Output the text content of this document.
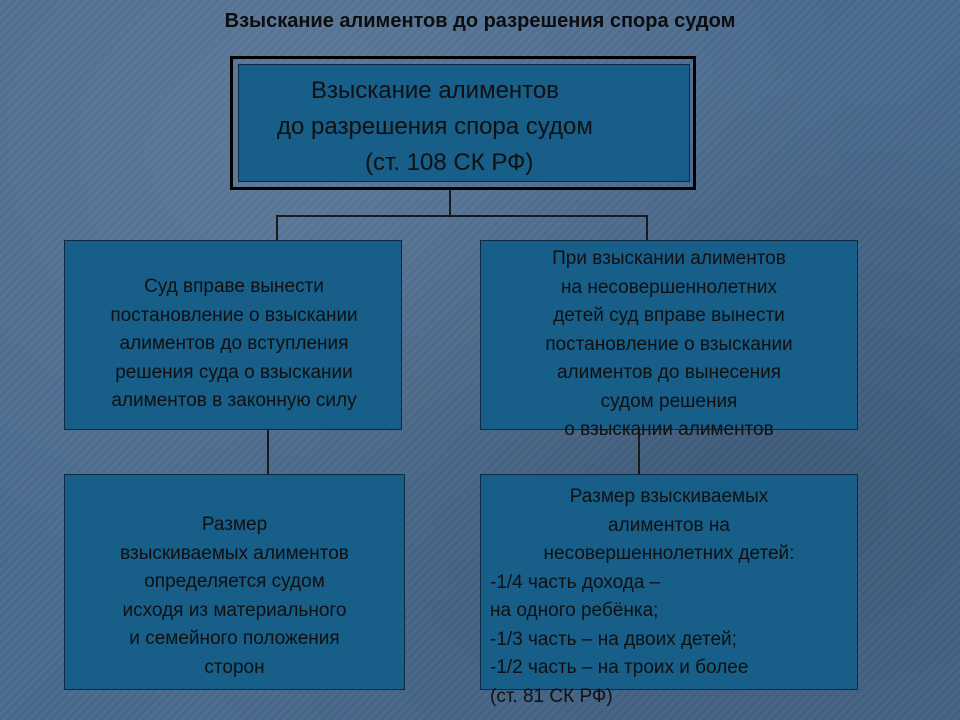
Взыскание алиментов до разрешения спора судом
Взыскание алиментов
до разрешения спора судом
(ст. 108 СК РФ)
Суд вправе вынести
постановление о взыскании
алиментов до вступления
решения суда о взыскании
алиментов в законную силу
При взыскании алиментов
на несовершеннолетних
детей суд вправе вынести
постановление о взыскании
алиментов до вынесения
судом решения
о взыскании алиментов
Размер
взыскиваемых алиментов
определяется судом
исходя из материального
и семейного положения
сторон
Размер взыскиваемых
алиментов на
несовершеннолетних детей:
-1/4 часть дохода –
на одного ребёнка;
-1/3 часть – на двоих детей;
-1/2 часть – на троих и более
(ст. 81 СК РФ)
